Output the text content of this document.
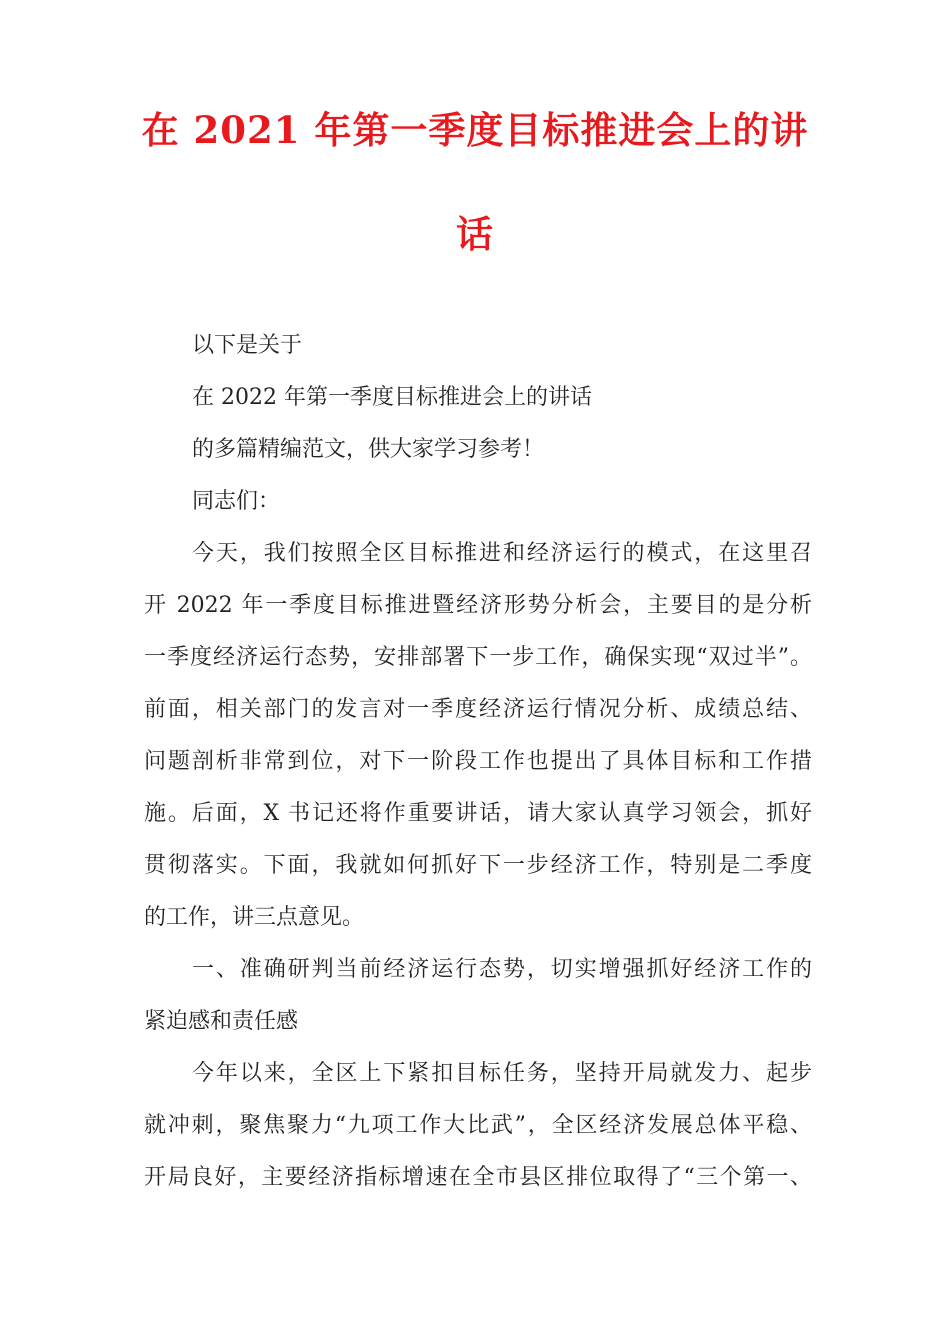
在 2021 年第一季度目标推进会上的讲
话
以下是关于
在 2022 年第一季度目标推进会上的讲话
的多篇精编范文，供大家学习参考！
同志们：
今天，我们按照全区目标推进和经济运行的模式，在这里召
开 2022 年一季度目标推进暨经济形势分析会，主要目的是分析
一季度经济运行态势，安排部署下一步工作，确保实现“双过半”。
前面，相关部门的发言对一季度经济运行情况分析、成绩总结、
问题剖析非常到位，对下一阶段工作也提出了具体目标和工作措
施。后面，X 书记还将作重要讲话，请大家认真学习领会，抓好
贯彻落实。下面，我就如何抓好下一步经济工作，特别是二季度
的工作，讲三点意见。
一、准确研判当前经济运行态势，切实增强抓好经济工作的
紧迫感和责任感
今年以来，全区上下紧扣目标任务，坚持开局就发力、起步
就冲刺，聚焦聚力“九项工作大比武”，全区经济发展总体平稳、
开局良好，主要经济指标增速在全市县区排位取得了“三个第一、
